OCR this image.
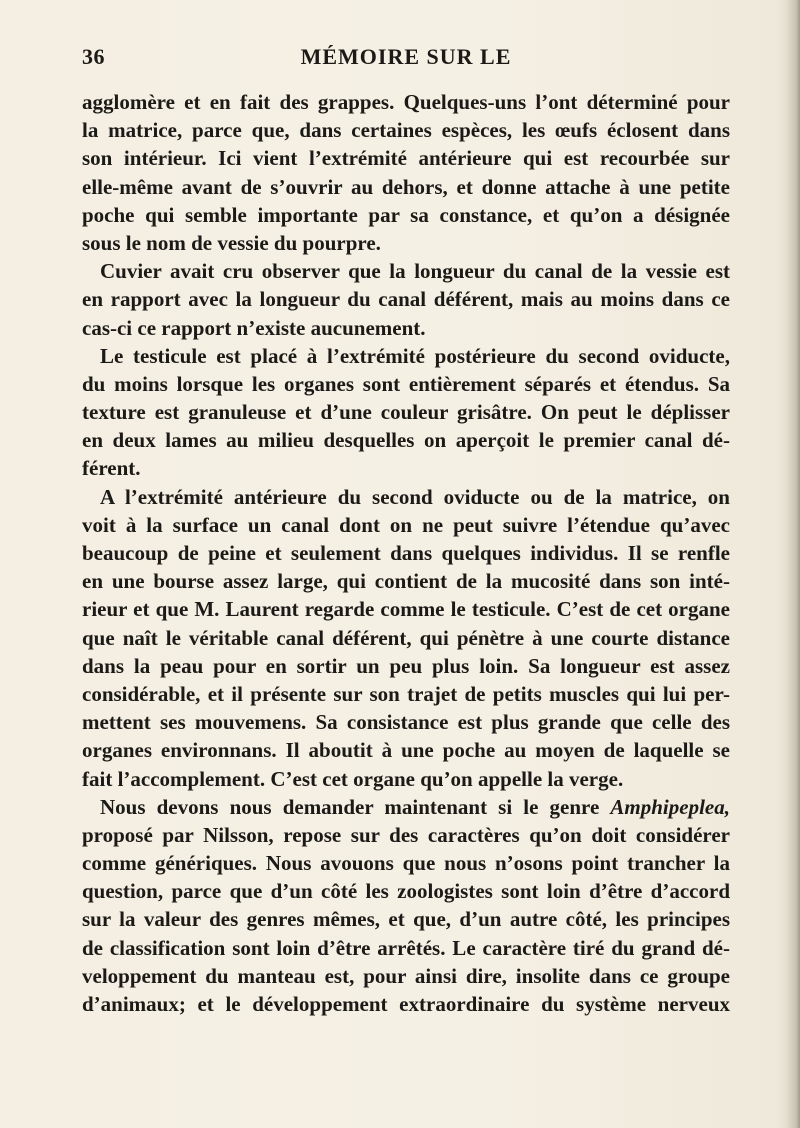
36	MÉMOIRE SUR LE
agglomère et en fait des grappes. Quelques-uns l’ont déterminé pour
la matrice, parce que, dans certaines espèces, les œufs éclosent dans
son intérieur. Ici vient l’extrémité antérieure qui est recourbée sur
elle-même avant de s’ouvrir au dehors, et donne attache à une petite
poche qui semble importante par sa constance, et qu’on a désignée
sous le nom de vessie du pourpre.
Cuvier avait cru observer que la longueur du canal de la vessie est
en rapport avec la longueur du canal déférent, mais au moins dans ce
cas-ci ce rapport n’existe aucunement.
Le testicule est placé à l’extrémité postérieure du second oviducte,
du moins lorsque les organes sont entièrement séparés et étendus. Sa
texture est granuleuse et d’une couleur grisâtre. On peut le déplisser
en deux lames au milieu desquelles on aperçoit le premier canal dé-
férent.
A l’extrémité antérieure du second oviducte ou de la matrice, on
voit à la surface un canal dont on ne peut suivre l’étendue qu’avec
beaucoup de peine et seulement dans quelques individus. Il se renfle
en une bourse assez large, qui contient de la mucosité dans son inté-
rieur et que M. Laurent regarde comme le testicule. C’est de cet organe
que naît le véritable canal déférent, qui pénètre à une courte distance
dans la peau pour en sortir un peu plus loin. Sa longueur est assez
considérable, et il présente sur son trajet de petits muscles qui lui per-
mettent ses mouvemens. Sa consistance est plus grande que celle des
organes environnans. Il aboutit à une poche au moyen de laquelle se
fait l’accomplement. C’est cet organe qu’on appelle la verge.
Nous devons nous demander maintenant si le genre Amphipeplea,
proposé par Nilsson, repose sur des caractères qu’on doit considérer
comme génériques. Nous avouons que nous n’osons point trancher la
question, parce que d’un côté les zoologistes sont loin d’être d’accord
sur la valeur des genres mêmes, et que, d’un autre côté, les principes
de classification sont loin d’être arrêtés. Le caractère tiré du grand dé-
veloppement du manteau est, pour ainsi dire, insolite dans ce groupe
d’animaux; et le développement extraordinaire du système nerveux
